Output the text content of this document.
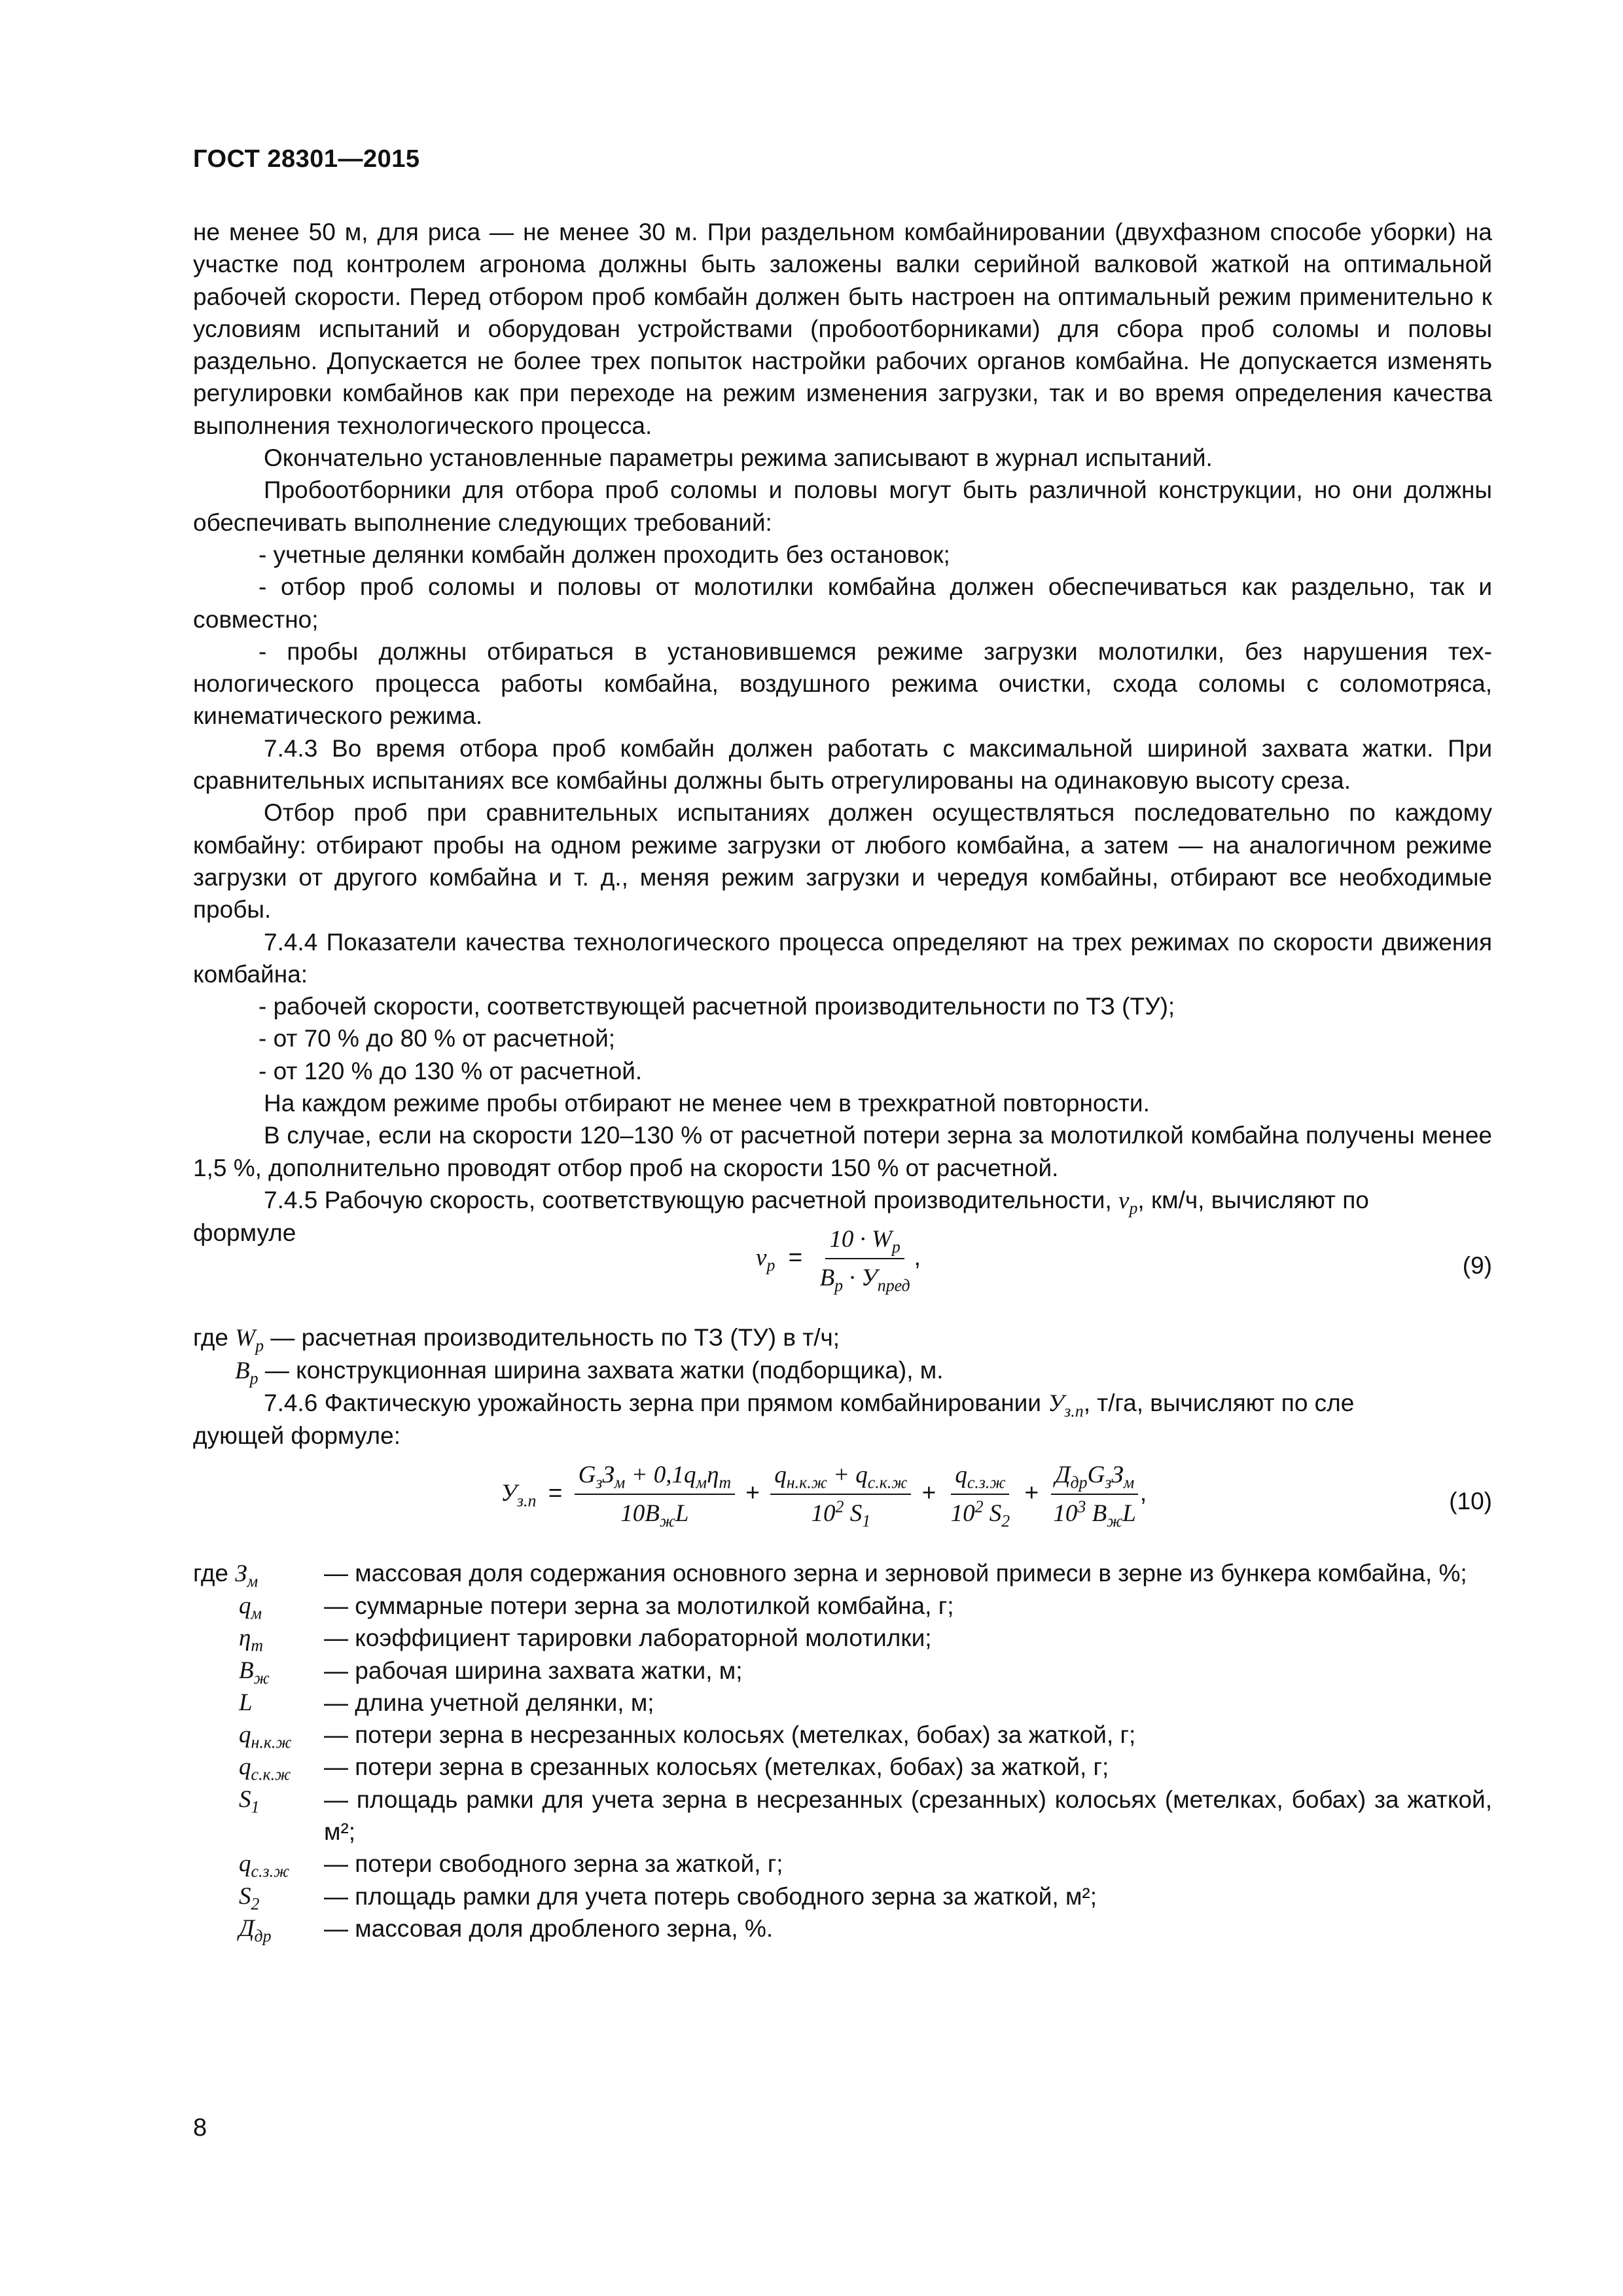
ГОСТ 28301—2015

не менее 50 м, для риса — не менее 30 м. При раздельном комбайнировании (двухфазном способе уборки) на участке под контролем агронома должны быть заложены валки серийной валковой жаткой на оптимальной рабочей скорости. Перед отбором проб комбайн должен быть настроен на оптимальный режим применительно к условиям испытаний и оборудован устройствами (пробоотборниками) для сбора проб соломы и половы раздельно. Допускается не более трех попыток настройки рабочих органов комбайна. Не допускается изменять регулировки комбайнов как при переходе на режим изменения загрузки, так и во время определения качества выполнения технологического процесса.

Окончательно установленные параметры режима записывают в журнал испытаний.

Пробоотборники для отбора проб соломы и половы могут быть различной конструкции, но они должны обеспечивать выполнение следующих требований:

- учетные делянки комбайн должен проходить без остановок;

- отбор проб соломы и половы от молотилки комбайна должен обеспечиваться как раздельно, так и совместно;

- пробы должны отбираться в установившемся режиме загрузки молотилки, без нарушения технологического процесса работы комбайна, воздушного режима очистки, схода соломы с соломотряса, кинематического режима.

7.4.3 Во время отбора проб комбайн должен работать с максимальной шириной захвата жатки. При сравнительных испытаниях все комбайны должны быть отрегулированы на одинаковую высоту среза.

Отбор проб при сравнительных испытаниях должен осуществляться последовательно по каждому комбайну: отбирают пробы на одном режиме загрузки от любого комбайна, а затем — на аналогичном режиме загрузки от другого комбайна и т. д., меняя режим загрузки и чередуя комбайны, отбирают все необходимые пробы.

7.4.4 Показатели качества технологического процесса определяют на трех режимах по скорости движения комбайна:

- рабочей скорости, соответствующей расчетной производительности по ТЗ (ТУ);

- от 70 % до 80 % от расчетной;

- от 120 % до 130 % от расчетной.

На каждом режиме пробы отбирают не менее чем в трехкратной повторности.

В случае, если на скорости 120–130 % от расчетной потери зерна за молотилкой комбайна получены менее 1,5 %, дополнительно проводят отбор проб на скорости 150 % от расчетной.

7.4.5 Рабочую скорость, соответствующую расчетной производительности, $v_р$, км/ч, вычисляют по

формуле

$v_р = \frac{10 \cdot W_р}{B_р \cdot У_{пред}}$ ,	(9)

где $W_р$ — расчетная производительность по ТЗ (ТУ) в т/ч;

$B_р$ — конструкционная ширина захвата жатки (подборщика), м.

7.4.6 Фактическую урожайность зерна при прямом комбайнировании $У_{з.п}$, т/га, вычисляют по сле

дующей формуле:

$У_{з.п} = \frac{G_зЗ_м + 0,1q_м\eta_т}{10B_жL} + \frac{q_{н.к.ж} + q_{с.к.ж}}{10^2 S_1} + \frac{q_{с.з.ж}}{10^2 S_2} + \frac{Д_{др}G_зЗ_м}{10^3 B_жL}$ ,	(10)
где $З_м$	— массовая доля содержания основного зерна и зерновой примеси в зерне из бункера комбайна, %;
$q_м$	— суммарные потери зерна за молотилкой комбайна, г;
$\eta_т$	— коэффициент тарировки лабораторной молотилки;
$B_ж$	— рабочая ширина захвата жатки, м;
L	— длина учетной делянки, м;
$q_{н.к.ж}$	— потери зерна в несрезанных колосьях (метелках, бобах) за жаткой, г;
$q_{с.к.ж}$	— потери зерна в срезанных колосьях (метелках, бобах) за жаткой, г;
$S_1$	— площадь рамки для учета зерна в несрезанных (срезанных) колосьях (метелках, бобах) за жаткой, м²;
$q_{с.з.ж}$	— потери свободного зерна за жаткой, г;
$S_2$	— площадь рамки для учета потерь свободного зерна за жаткой, м²;
$Д_{др}$	— массовая доля дробленого зерна, %.
8
